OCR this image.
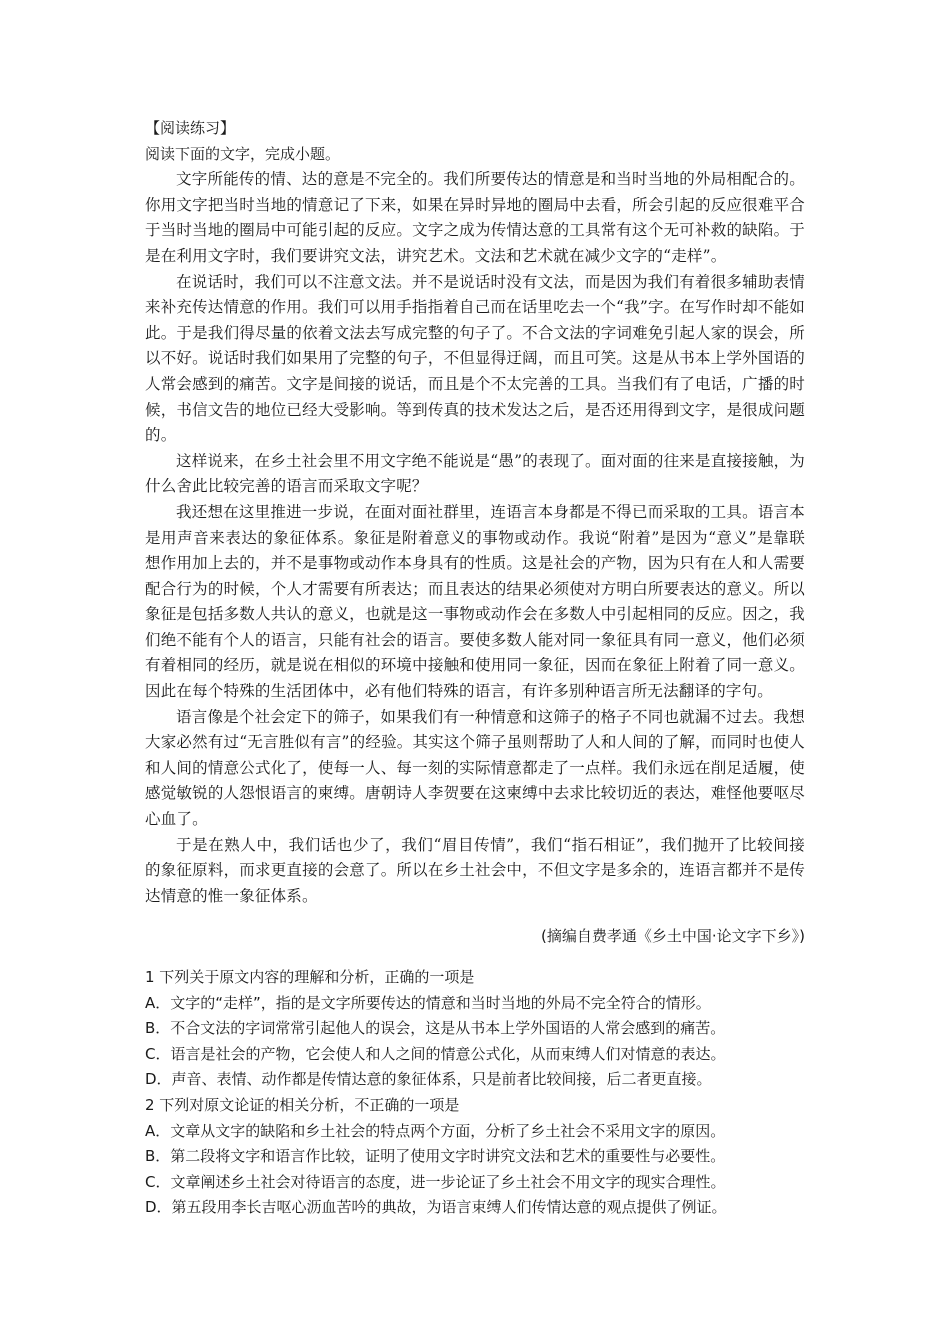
【阅读练习】

阅读下面的文字，完成小题。

文字所能传的情、达的意是不完全的。我们所要传达的情意是和当时当地的外局相配合的。你用文字把当时当地的情意记了下来，如果在异时异地的圈局中去看，所会引起的反应很难平合于当时当地的圈局中可能引起的反应。文字之成为传情达意的工具常有这个无可补救的缺陷。于是在利用文字时，我们要讲究文法，讲究艺术。文法和艺术就在减少文字的“走样”。

在说话时，我们可以不注意文法。并不是说话时没有文法，而是因为我们有着很多辅助表情来补充传达情意的作用。我们可以用手指指着自己而在话里吃去一个“我”字。在写作时却不能如此。于是我们得尽量的依着文法去写成完整的句子了。不合文法的字词难免引起人家的误会，所以不好。说话时我们如果用了完整的句子，不但显得迂阔，而且可笑。这是从书本上学外国语的人常会感到的痛苦。文字是间接的说话，而且是个不太完善的工具。当我们有了电话，广播的时候，书信文告的地位已经大受影响。等到传真的技术发达之后，是否还用得到文字，是很成问题的。

这样说来，在乡土社会里不用文字绝不能说是“愚”的表现了。面对面的往来是直接接触，为什么舍此比较完善的语言而采取文字呢？

我还想在这里推进一步说，在面对面社群里，连语言本身都是不得已而采取的工具。语言本是用声音来表达的象征体系。象征是附着意义的事物或动作。我说“附着”是因为“意义”是靠联想作用加上去的，并不是事物或动作本身具有的性质。这是社会的产物，因为只有在人和人需要配合行为的时候，个人才需要有所表达；而且表达的结果必须使对方明白所要表达的意义。所以象征是包括多数人共认的意义，也就是这一事物或动作会在多数人中引起相同的反应。因之，我们绝不能有个人的语言，只能有社会的语言。要使多数人能对同一象征具有同一意义，他们必须有着相同的经历，就是说在相似的环境中接触和使用同一象征，因而在象征上附着了同一意义。因此在每个特殊的生活团体中，必有他们特殊的语言，有许多别种语言所无法翻译的字句。

语言像是个社会定下的筛子，如果我们有一种情意和这筛子的格子不同也就漏不过去。我想大家必然有过“无言胜似有言”的经验。其实这个筛子虽则帮助了人和人间的了解，而同时也使人和人间的情意公式化了，使每一人、每一刻的实际情意都走了一点样。我们永远在削足适履，使感觉敏锐的人怨恨语言的柬缚。唐朝诗人李贺要在这柬缚中去求比较切近的表达，难怪他要呕尽心血了。

于是在熟人中，我们话也少了，我们“眉目传情”，我们“指石相证”，我们抛开了比较间接的象征原料，而求更直接的会意了。所以在乡土社会中，不但文字是多余的，连语言都并不是传达情意的惟一象征体系。

(摘编自费孝通《乡土中国·论文字下乡》)

1 下列关于原文内容的理解和分析，正确的一项是

A．文字的“走样”，指的是文字所要传达的情意和当时当地的外局不完全符合的情形。
B．不合文法的字词常常引起他人的误会，这是从书本上学外国语的人常会感到的痛苦。
C．语言是社会的产物，它会使人和人之间的情意公式化，从而束缚人们对情意的表达。
D．声音、表情、动作都是传情达意的象征体系，只是前者比较间接，后二者更直接。

2 下列对原文论证的相关分析，不正确的一项是

A．文章从文字的缺陷和乡土社会的特点两个方面，分析了乡土社会不采用文字的原因。
B．第二段将文字和语言作比较，证明了使用文字时讲究文法和艺术的重要性与必要性。
C．文章阐述乡土社会对待语言的态度，进一步论证了乡土社会不用文字的现实合理性。
D．第五段用李长吉呕心沥血苦吟的典故，为语言束缚人们传情达意的观点提供了例证。
